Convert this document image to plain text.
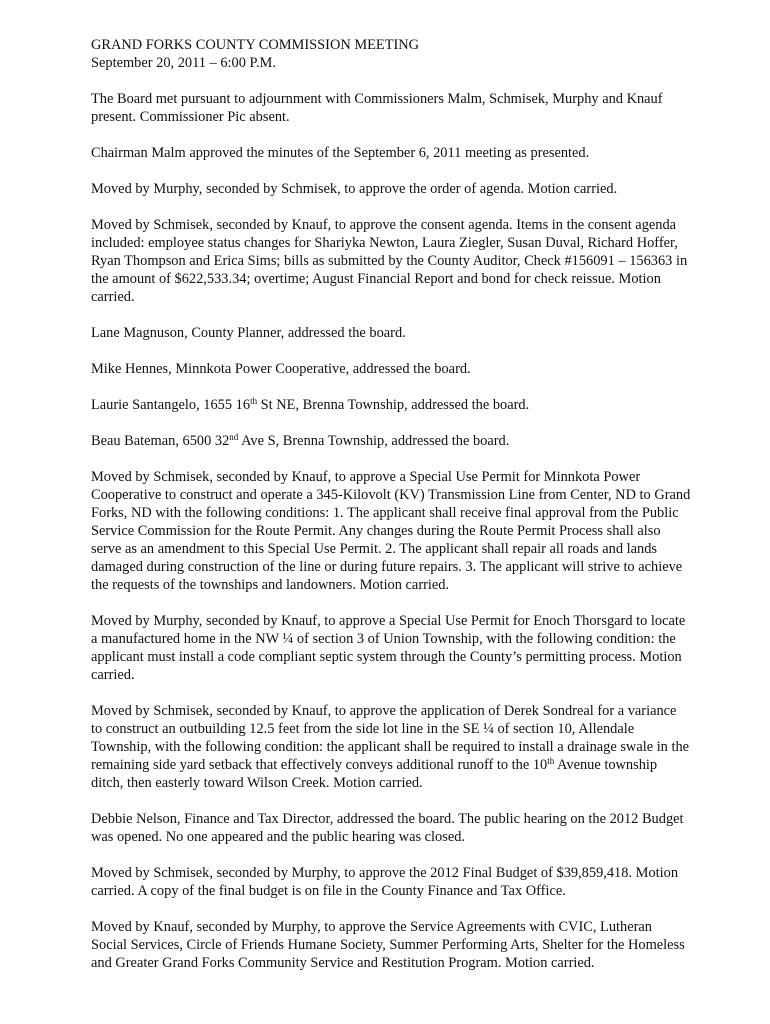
GRAND FORKS COUNTY COMMISSION MEETING
September 20, 2011 – 6:00 P.M.

The Board met pursuant to adjournment with Commissioners Malm, Schmisek, Murphy and Knauf present. Commissioner Pic absent.

Chairman Malm approved the minutes of the September 6, 2011 meeting as presented.

Moved by Murphy, seconded by Schmisek, to approve the order of agenda. Motion carried.

Moved by Schmisek, seconded by Knauf, to approve the consent agenda. Items in the consent agenda included: employee status changes for Shariyka Newton, Laura Ziegler, Susan Duval, Richard Hoffer, Ryan Thompson and Erica Sims; bills as submitted by the County Auditor, Check #156091 – 156363 in the amount of $622,533.34; overtime; August Financial Report and bond for check reissue. Motion carried.

Lane Magnuson, County Planner, addressed the board.

Mike Hennes, Minnkota Power Cooperative, addressed the board.

Laurie Santangelo, 1655 16th St NE, Brenna Township, addressed the board.

Beau Bateman, 6500 32nd Ave S, Brenna Township, addressed the board.

Moved by Schmisek, seconded by Knauf, to approve a Special Use Permit for Minnkota Power Cooperative to construct and operate a 345-Kilovolt (KV) Transmission Line from Center, ND to Grand Forks, ND with the following conditions: 1. The applicant shall receive final approval from the Public Service Commission for the Route Permit. Any changes during the Route Permit Process shall also serve as an amendment to this Special Use Permit. 2. The applicant shall repair all roads and lands damaged during construction of the line or during future repairs. 3. The applicant will strive to achieve the requests of the townships and landowners. Motion carried.

Moved by Murphy, seconded by Knauf, to approve a Special Use Permit for Enoch Thorsgard to locate a manufactured home in the NW ¼ of section 3 of Union Township, with the following condition: the applicant must install a code compliant septic system through the County’s permitting process. Motion carried.

Moved by Schmisek, seconded by Knauf, to approve the application of Derek Sondreal for a variance to construct an outbuilding 12.5 feet from the side lot line in the SE ¼ of section 10, Allendale Township, with the following condition: the applicant shall be required to install a drainage swale in the remaining side yard setback that effectively conveys additional runoff to the 10th Avenue township ditch, then easterly toward Wilson Creek. Motion carried.

Debbie Nelson, Finance and Tax Director, addressed the board. The public hearing on the 2012 Budget was opened. No one appeared and the public hearing was closed.

Moved by Schmisek, seconded by Murphy, to approve the 2012 Final Budget of $39,859,418. Motion carried. A copy of the final budget is on file in the County Finance and Tax Office.

Moved by Knauf, seconded by Murphy, to approve the Service Agreements with CVIC, Lutheran Social Services, Circle of Friends Humane Society, Summer Performing Arts, Shelter for the Homeless and Greater Grand Forks Community Service and Restitution Program. Motion carried.
